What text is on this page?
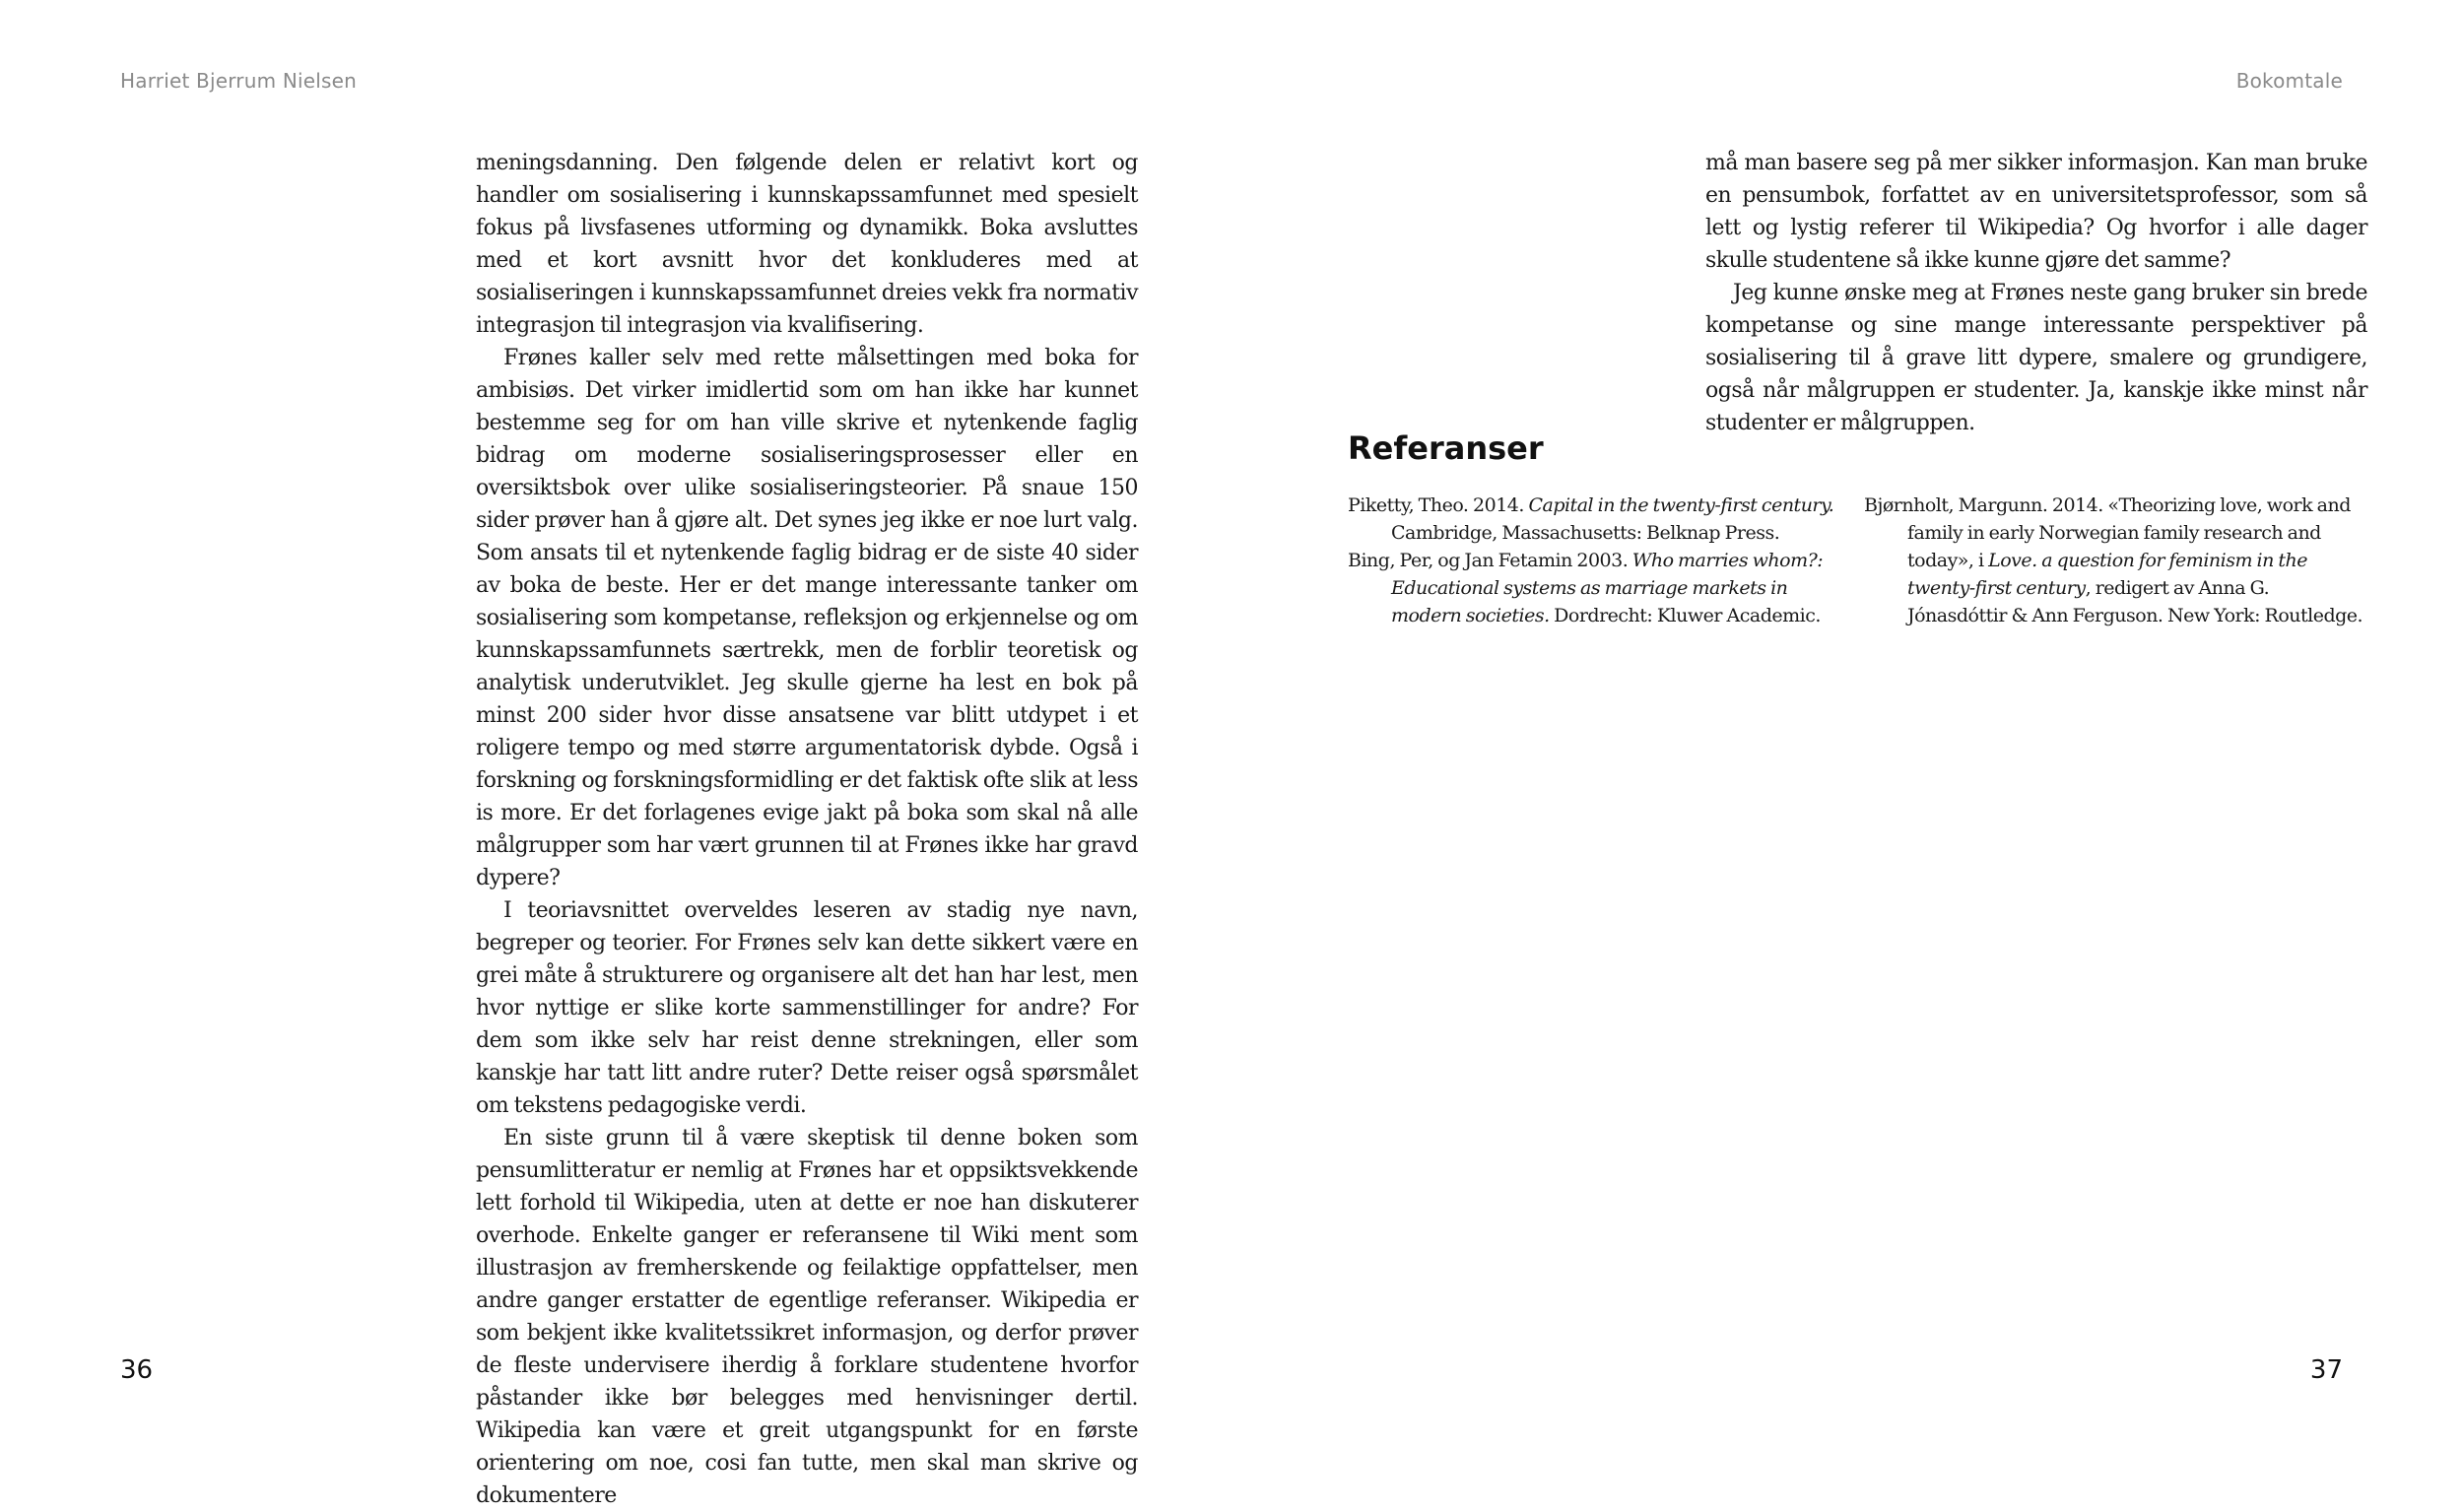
Harriet Bjerrum Nielsen

meningsdanning. Den følgende delen er relativt kort og handler om sosialisering i kunnskapssamfunnet med spesielt fokus på livsfasenes utforming og dynamikk. Boka avsluttes med et kort avsnitt hvor det konkluderes med at sosialiseringen i kunnskapssamfunnet dreies vekk fra normativ integrasjon til integrasjon via kvalifisering.

Frønes kaller selv med rette målsettingen med boka for ambisiøs. Det virker imidlertid som om han ikke har kunnet bestemme seg for om han ville skrive et nytenkende faglig bidrag om moderne sosialiseringsprosesser eller en oversiktsbok over ulike sosialiseringsteorier. På snaue 150 sider prøver han å gjøre alt. Det synes jeg ikke er noe lurt valg. Som ansats til et nytenkende faglig bidrag er de siste 40 sider av boka de beste. Her er det mange interessante tanker om sosialisering som kompetanse, refleksjon og erkjennelse og om kunnskapssamfunnets særtrekk, men de forblir teoretisk og analytisk underutviklet. Jeg skulle gjerne ha lest en bok på minst 200 sider hvor disse ansatsene var blitt utdypet i et roligere tempo og med større argumentatorisk dybde. Også i forskning og forskningsformidling er det faktisk ofte slik at less is more. Er det forlagenes evige jakt på boka som skal nå alle målgrupper som har vært grunnen til at Frønes ikke har gravd dypere?

I teoriavsnittet overveldes leseren av stadig nye navn, begreper og teorier. For Frønes selv kan dette sikkert være en grei måte å strukturere og organisere alt det han har lest, men hvor nyttige er slike korte sammenstillinger for andre? For dem som ikke selv har reist denne strekningen, eller som kanskje har tatt litt andre ruter? Dette reiser også spørsmålet om tekstens pedagogiske verdi.

En siste grunn til å være skeptisk til denne boken som pensumlitteratur er nemlig at Frønes har et oppsiktsvekkende lett forhold til Wikipedia, uten at dette er noe han diskuterer overhode. Enkelte ganger er referansene til Wiki ment som illustrasjon av fremherskende og feilaktige oppfattelser, men andre ganger erstatter de egentlige referanser. Wikipedia er som bekjent ikke kvalitetssikret informasjon, og derfor prøver de fleste undervisere iherdig å forklare studentene hvorfor påstander ikke bør belegges med henvisninger dertil. Wikipedia kan være et greit utgangspunkt for en første orientering om noe, cosi fan tutte, men skal man skrive og dokumentere

36

Bokomtale

må man basere seg på mer sikker informasjon. Kan man bruke en pensumbok, forfattet av en universitetsprofessor, som så lett og lystig referer til Wikipedia? Og hvorfor i alle dager skulle studentene så ikke kunne gjøre det samme?

Jeg kunne ønske meg at Frønes neste gang bruker sin brede kompetanse og sine mange interessante perspektiver på sosialisering til å grave litt dypere, smalere og grundigere, også når målgruppen er studenter. Ja, kanskje ikke minst når studenter er målgruppen.

Referanser

Piketty, Theo. 2014. Capital in the twenty-first century. Cambridge, Massachusetts: Belknap Press.

Bing, Per, og Jan Fetamin 2003. Who marries whom?: Educational systems as marriage markets in modern societies. Dordrecht: Kluwer Academic.

Bjørnholt, Margunn. 2014. «Theorizing love, work and family in early Norwegian family research and today», i Love. a question for feminism in the twenty-first century, redigert av Anna G. Jónasdóttir & Ann Ferguson. New York: Routledge.

37
